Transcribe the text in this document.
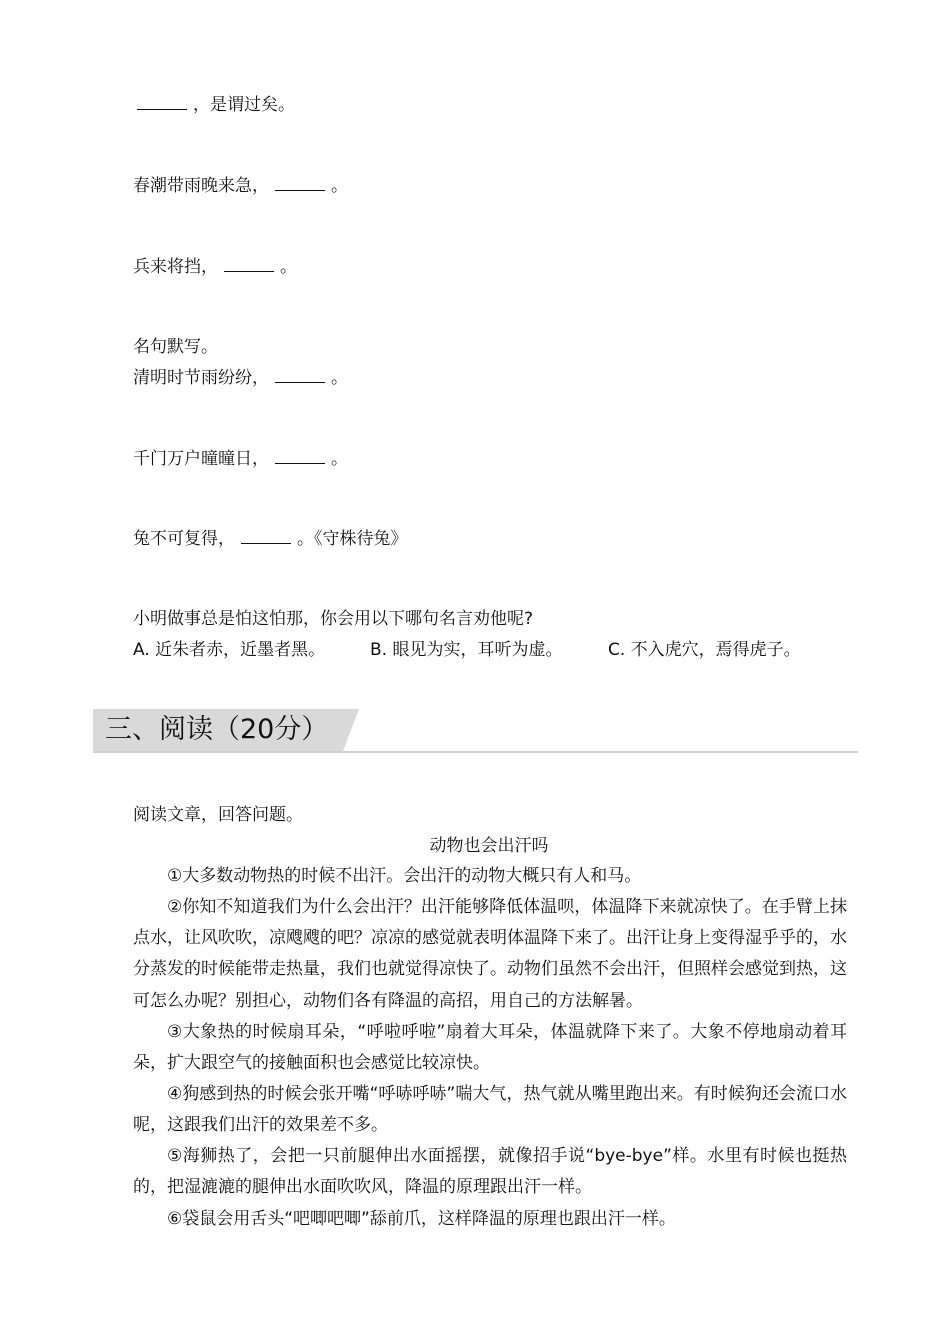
，是谓过矣。
春潮带雨晚来急，	。
兵来将挡，	。
名句默写。
清明时节雨纷纷，	。
千门万户曈曈日，	。
兔不可复得，	。《守株待兔》
小明做事总是怕这怕那，你会用以下哪句名言劝他呢?
A. 近朱者赤，近墨者黑。	B. 眼见为实，耳听为虚。	C. 不入虎穴，焉得虎子。
三、阅读（20分）
阅读文章，回答问题。
动物也会出汗吗
①大多数动物热的时候不出汗。会出汗的动物大概只有人和马。
②你知不知道我们为什么会出汗？出汗能够降低体温呗，体温降下来就凉快了。在手臂上抹点水，让风吹吹，凉飕飕的吧？凉凉的感觉就表明体温降下来了。出汗让身上变得湿乎乎的，水分蒸发的时候能带走热量，我们也就觉得凉快了。动物们虽然不会出汗，但照样会感觉到热，这可怎么办呢？别担心，动物们各有降温的高招，用自己的方法解暑。
③大象热的时候扇耳朵，“呼啦呼啦”扇着大耳朵，体温就降下来了。大象不停地扇动着耳朵，扩大跟空气的接触面积也会感觉比较凉快。
④狗感到热的时候会张开嘴“呼哧呼哧”喘大气，热气就从嘴里跑出来。有时候狗还会流口水呢，这跟我们出汗的效果差不多。
⑤海狮热了，会把一只前腿伸出水面摇摆，就像招手说“bye-bye”样。水里有时候也挺热的，把湿漉漉的腿伸出水面吹吹风，降温的原理跟出汗一样。
⑥袋鼠会用舌头“吧唧吧唧”舔前爪，这样降温的原理也跟出汗一样。
